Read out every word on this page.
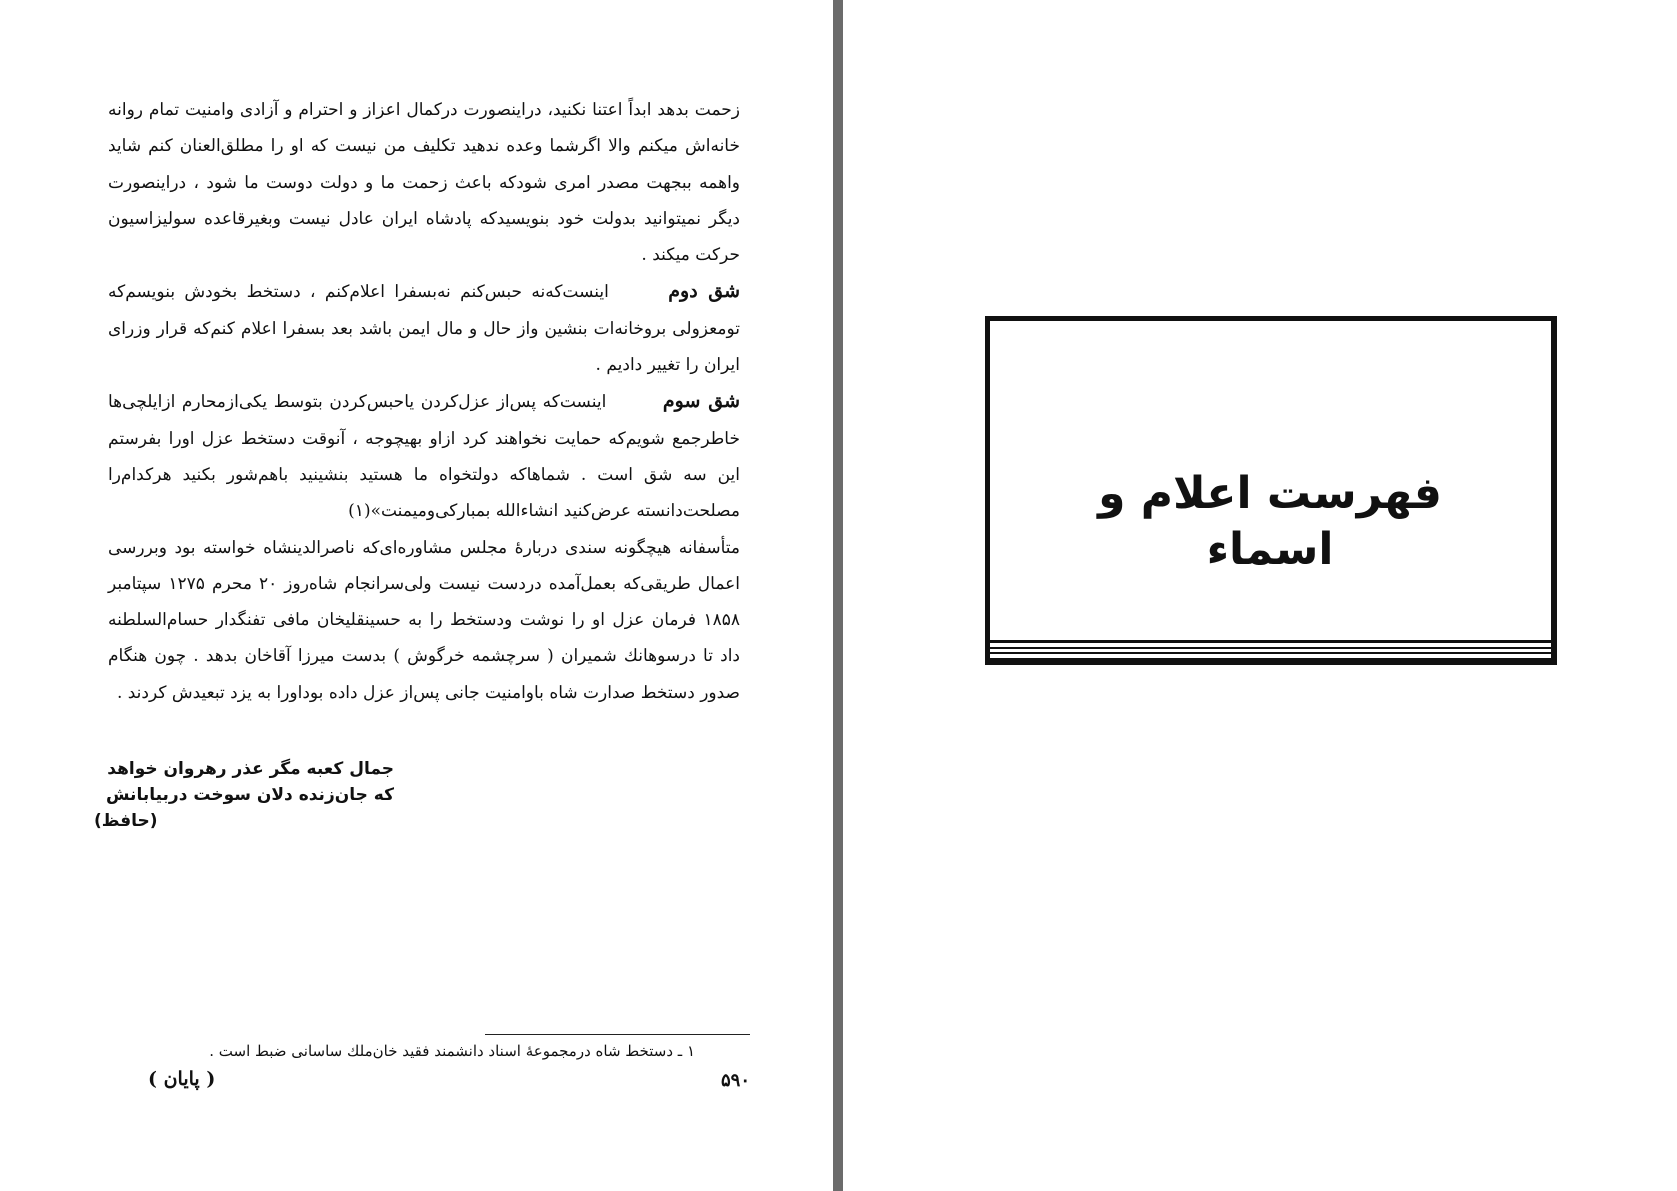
زحمت بدهد ابداً اعتنا نکنید، دراینصورت درکمال اعزاز و احترام و آزادی وامنیت تمام روانه خانه‌اش میکنم والا اگرشما وعده ندهید تکلیف من نیست که او را مطلق‌العنان کنم شاید واهمه ببجهت مصدر امری شودکه باعث زحمت ما و دولت دوست ما شود ، دراینصورت دیگر نمیتوانید بدولت خود بنویسیدکه پادشاه ایران عادل نیست وبغیرقاعده سولیزاسیون حرکت میکند .

شق دوم اینست‌که‌نه حبس‌کنم نه‌بسفرا اعلام‌کنم ، دستخط بخودش بنویسم‌که تومعزولی بروخانه‌ات بنشین‌ واز حال و مال ایمن باشد بعد بسفرا اعلام کنم‌که قرار وزرای ایران را تغییر دادیم .

شق سوم اینست‌که پس‌از عزل‌کردن یاحبس‌کردن بتوسط یکی‌ازمحارم ازایلچی‌ها خاطرجمع شویم‌که حمایت نخواهند کرد ازاو بهیچوجه ، آنوقت دستخط عزل اورا بفرستم این سه شق است . شماهاکه دولتخواه ما هستید بنشینید باهم‌شور بکنید هرکدام‌را مصلحت‌دانسته عرض‌کنید انشاءالله بمبارکی‌ومیمنت»(۱)

متأسفانه هیچگونه سندی دربارهٔ مجلس مشاوره‌ای‌که ناصرالدینشاه خواسته بود وبررسی اعمال طریقی‌که بعمل‌آمده دردست نیست ولی‌سرانجام شاه‌روز ۲۰ محرم ۱۲۷۵ سپتامبر ۱۸۵۸ فرمان عزل او را نوشت ودستخط را به حسینقلیخان مافی تفنگدار حسام‌السلطنه داد تا درسوهانك شمیران ( سرچشمه خرگوش ) بدست میرزا آقاخان بدهد . چون هنگام صدور دستخط صدارت شاه باوامنیت جانی پس‌از عزل داده بود‌اورا به یزد تبعیدش کردند .

جمال کعبه مگر عذر رهروان خواهد
که جان‌زنده دلان سوخت دربیابانش
(حافظ)
۱ ـ دستخط شاه درمجموعهٔ اسناد دانشمند فقید خان‌ملك ساسانی ضبط است .
۵۹۰
( پایان )
فهرست اعلام و اسماء
